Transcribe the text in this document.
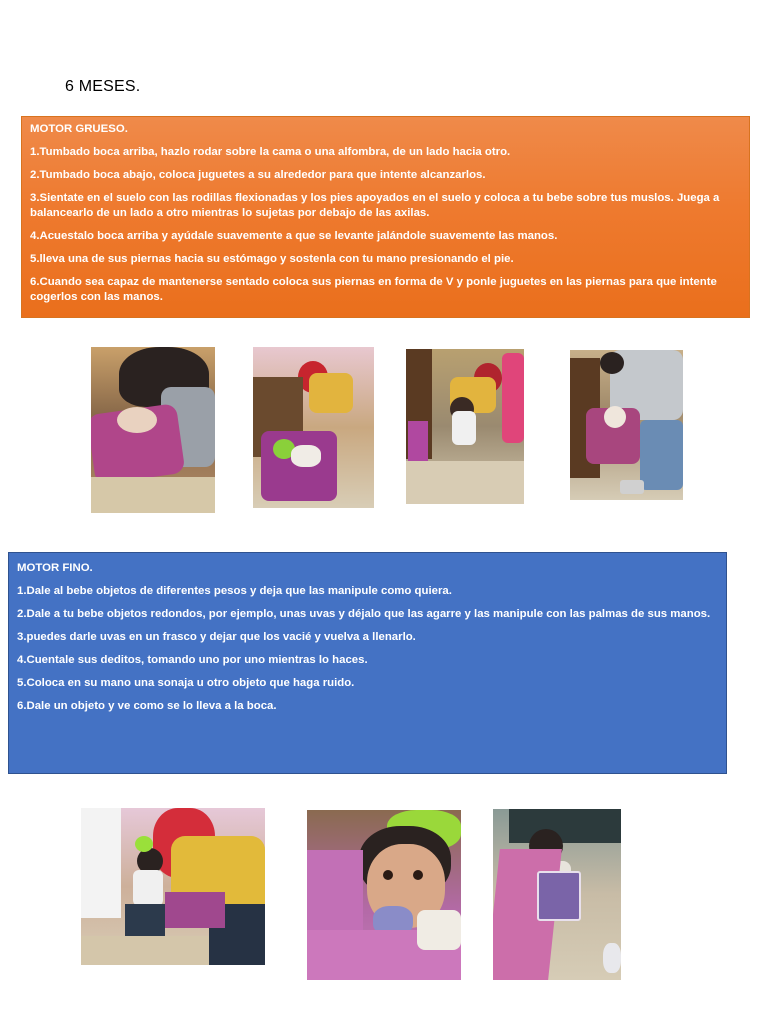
6 MESES.
MOTOR GRUESO.
1.Tumbado boca arriba, hazlo rodar sobre la cama o una alfombra, de un lado hacia otro.
2.Tumbado boca abajo, coloca juguetes a su alrededor para que intente alcanzarlos.
3.Sientate en el suelo con las rodillas flexionadas y los pies apoyados en el suelo y coloca a tu bebe sobre tus muslos. Juega a balancearlo de un lado a otro mientras lo sujetas por debajo de las axilas.
4.Acuestalo boca arriba y ayúdale suavemente a que se levante jalándole suavemente las manos.
5.lleva una de sus piernas hacia su estómago y sostenla con tu mano presionando el pie.
6.Cuando sea capaz de mantenerse sentado coloca sus piernas en forma de V y ponle juguetes en las piernas para que intente cogerlos con las manos.
MOTOR FINO.
1.Dale al bebe objetos de diferentes pesos y deja que las manipule como quiera.
2.Dale a tu bebe objetos redondos, por ejemplo, unas uvas y déjalo que las agarre y las manipule con las palmas de sus manos.
3.puedes darle uvas en un frasco y dejar que los vacié y vuelva a llenarlo.
4.Cuentale sus deditos, tomando uno por uno mientras lo haces.
5.Coloca en su mano una sonaja u otro objeto que haga ruido.
6.Dale un objeto y ve como se lo lleva a la boca.
